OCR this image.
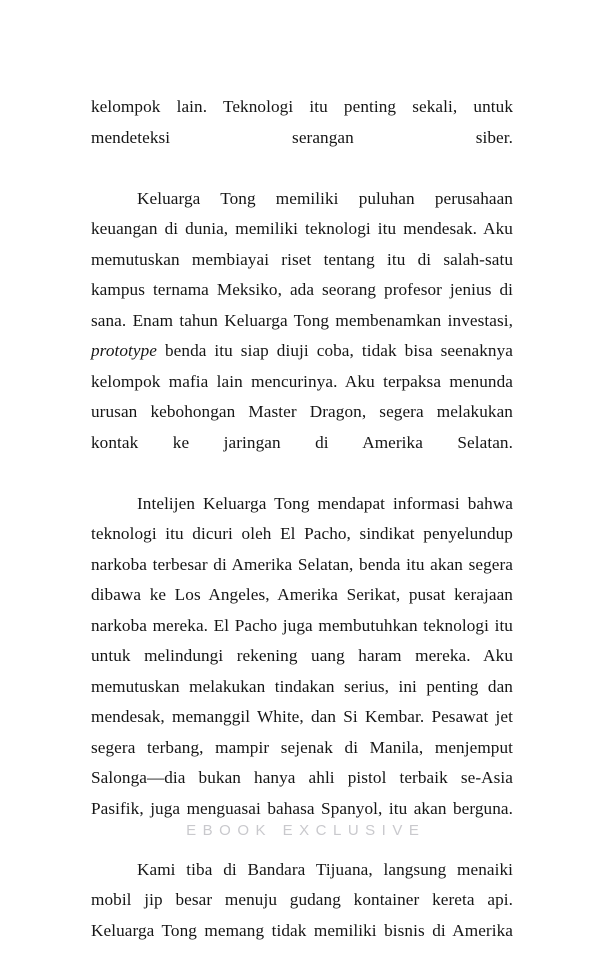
kelompok lain. Teknologi itu penting sekali, untuk mendeteksi serangan siber.

Keluarga Tong memiliki puluhan perusahaan keuangan di dunia, memiliki teknologi itu mendesak. Aku memutuskan membiayai riset tentang itu di salah-satu kampus ternama Meksiko, ada seorang profesor jenius di sana. Enam tahun Keluarga Tong membenamkan investasi, prototype benda itu siap diuji coba, tidak bisa seenaknya kelompok mafia lain mencurinya. Aku terpaksa menunda urusan kebohongan Master Dragon, segera melakukan kontak ke jaringan di Amerika Selatan.

Intelijen Keluarga Tong mendapat informasi bahwa teknologi itu dicuri oleh El Pacho, sindikat penyelundup narkoba terbesar di Amerika Selatan, benda itu akan segera dibawa ke Los Angeles, Amerika Serikat, pusat kerajaan narkoba mereka. El Pacho juga membutuhkan teknologi itu untuk melindungi rekening uang haram mereka. Aku memutuskan melakukan tindakan serius, ini penting dan mendesak, memanggil White, dan Si Kembar. Pesawat jet segera terbang, mampir sejenak di Manila, menjemput Salonga—dia bukan hanya ahli pistol terbaik se-Asia Pasifik, juga menguasai bahasa Spanyol, itu akan berguna.

Kami tiba di Bandara Tijuana, langsung menaiki mobil jip besar menuju gudang kontainer kereta api. Keluarga Tong memang tidak memiliki bisnis di Amerika

EBOOK EXCLUSIVE
